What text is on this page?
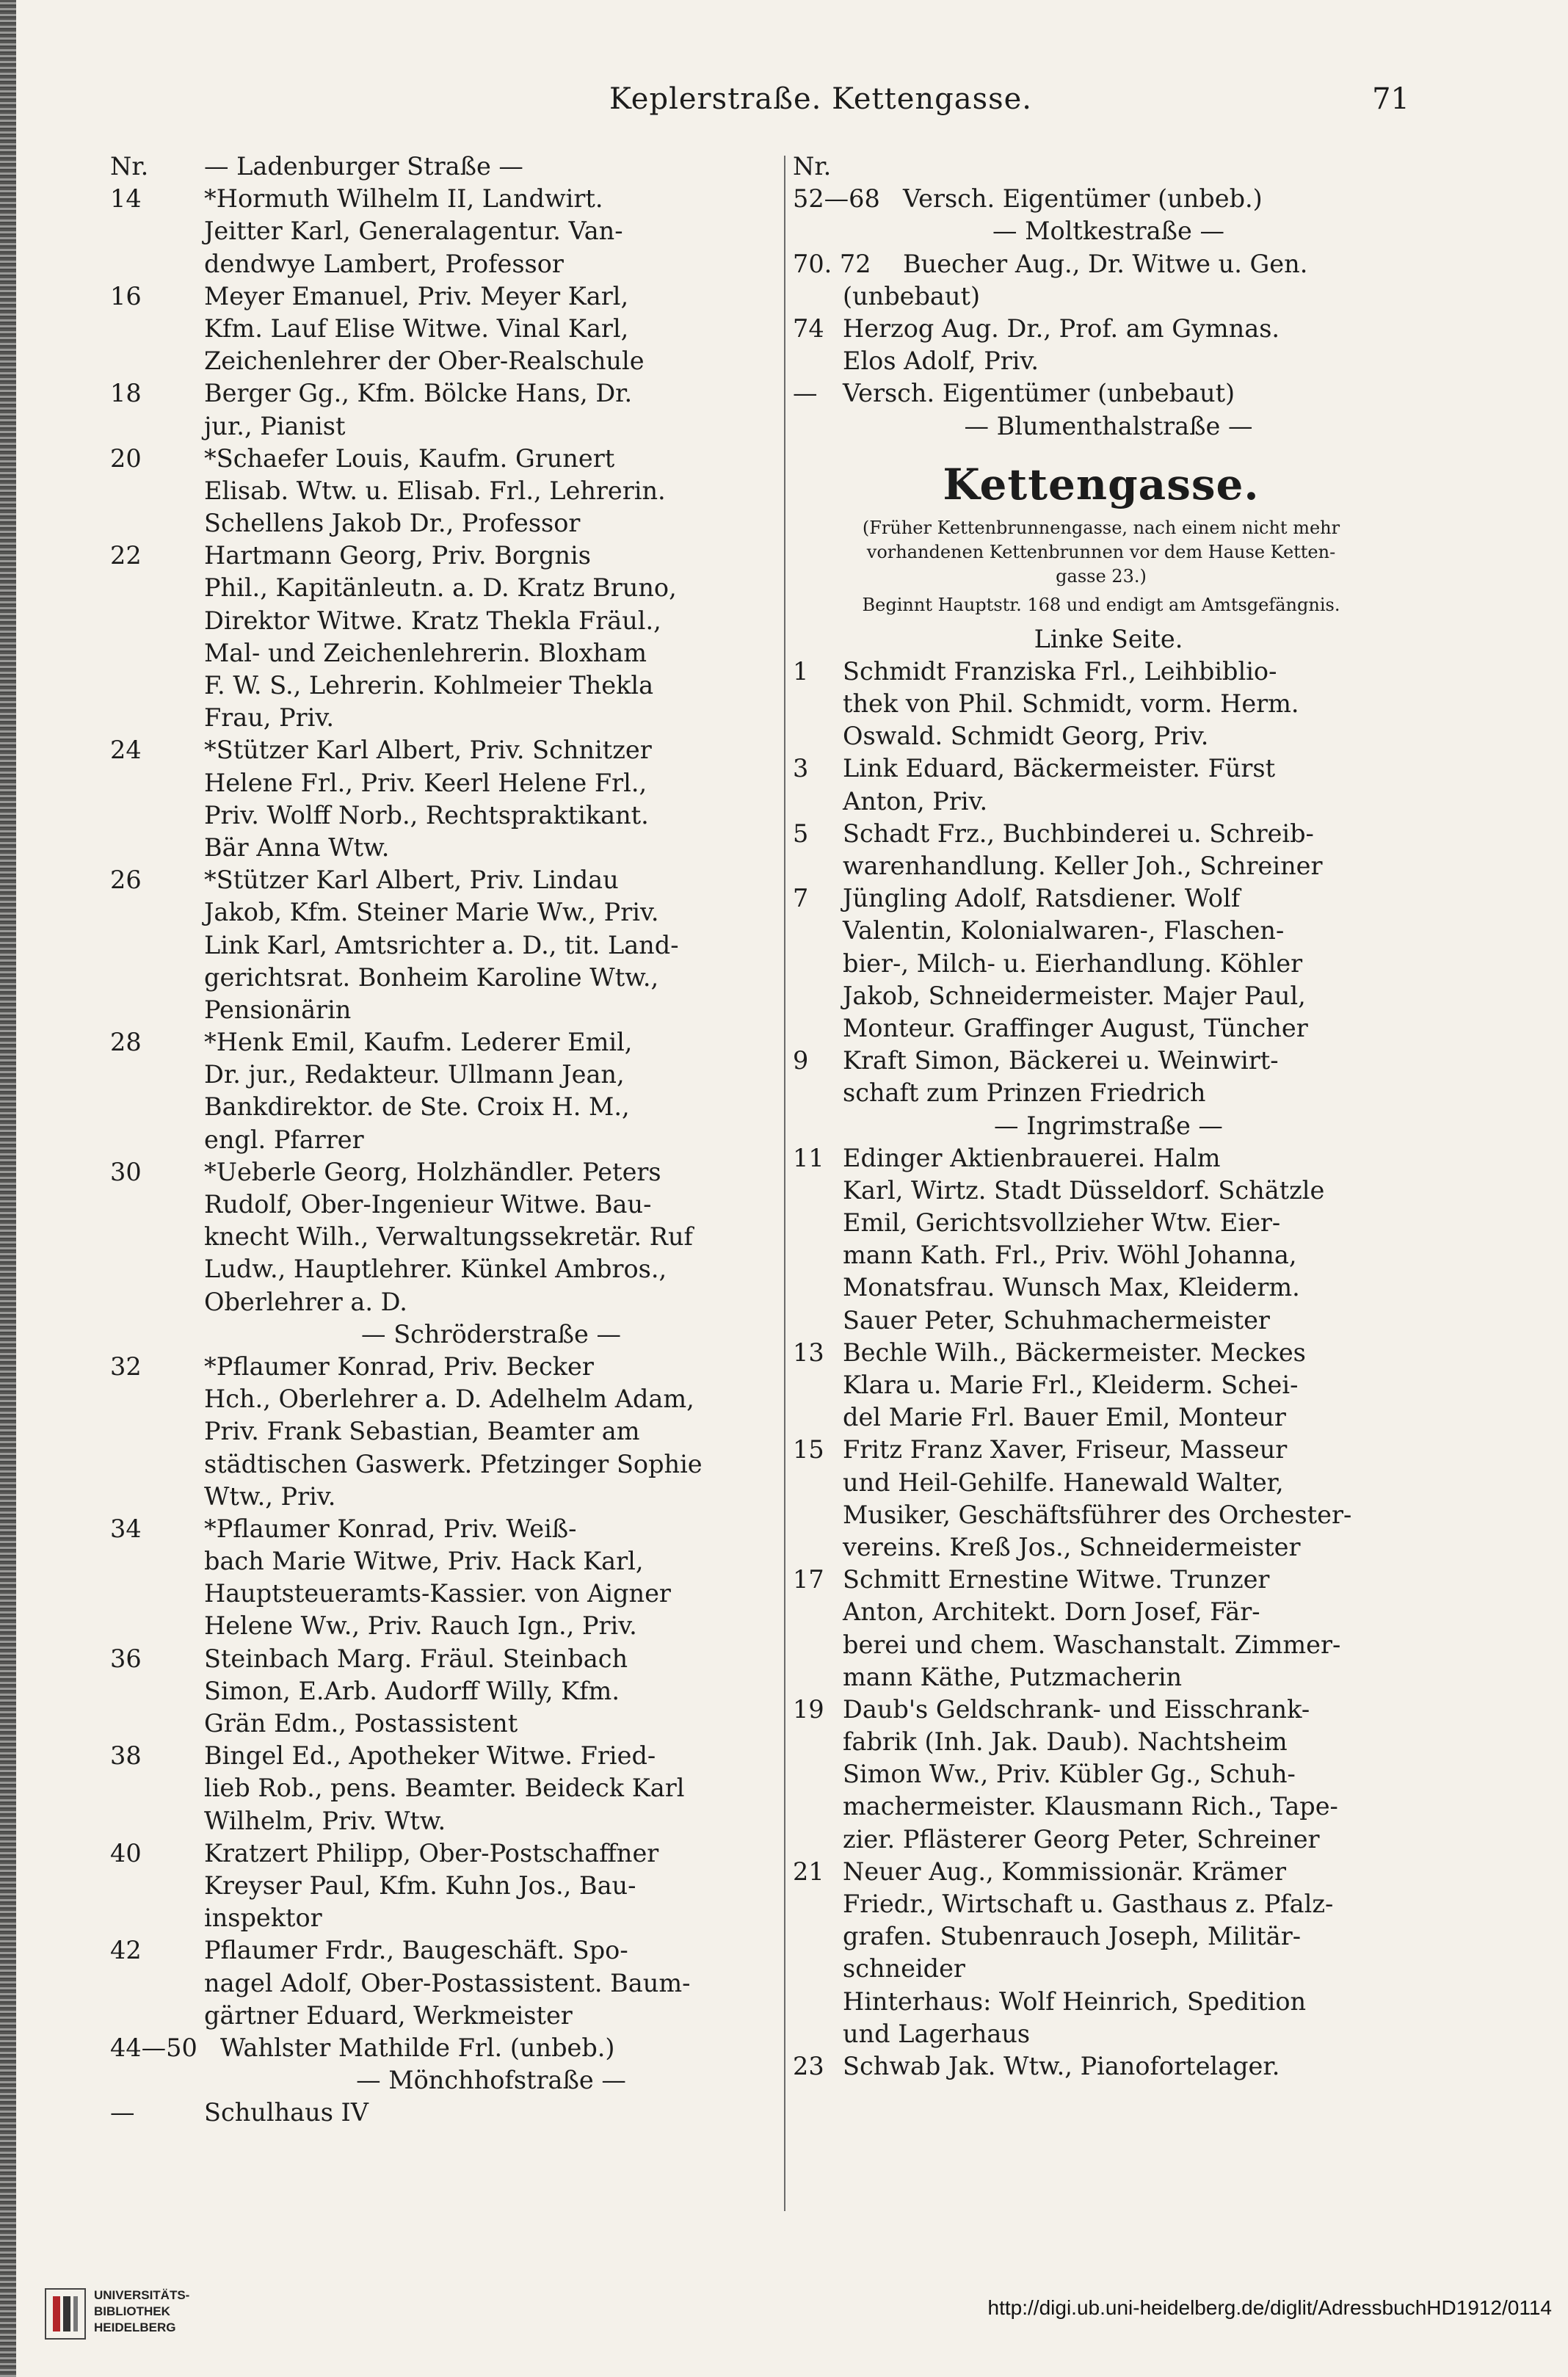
Keplerstraße. Kettengasse.	71
Nr. — Ladenburger Straße —
14	*Hormuth Wilhelm II, Landwirt.
Jeitter Karl, Generalagentur. Van-
dendwye Lambert, Professor
16	Meyer Emanuel, Priv. Meyer Karl,
Kfm. Lauf Elise Witwe. Vinal Karl,
Zeichenlehrer der Ober-Realschule
18	Berger Gg., Kfm. Bölcke Hans, Dr.
jur., Pianist
20	*Schaefer Louis, Kaufm. Grunert
Elisab. Wtw. u. Elisab. Frl., Lehrerin.
Schellens Jakob Dr., Professor
22	Hartmann Georg, Priv. Borgnis
Phil., Kapitänleutn. a. D. Kratz Bruno,
Direktor Witwe. Kratz Thekla Fräul.,
Mal- und Zeichenlehrerin. Bloxham
F. W. S., Lehrerin. Kohlmeier Thekla
Frau, Priv.
24	*Stützer Karl Albert, Priv. Schnitzer
Helene Frl., Priv. Keerl Helene Frl.,
Priv. Wolff Norb., Rechtspraktikant.
Bär Anna Wtw.
26	*Stützer Karl Albert, Priv. Lindau
Jakob, Kfm. Steiner Marie Ww., Priv.
Link Karl, Amtsrichter a. D., tit. Land-
gerichtsrat. Bonheim Karoline Wtw.,
Pensionärin
28	*Henk Emil, Kaufm. Lederer Emil,
Dr. jur., Redakteur. Ullmann Jean,
Bankdirektor. de Ste. Croix H. M.,
engl. Pfarrer
30	*Ueberle Georg, Holzhändler. Peters
Rudolf, Ober-Ingenieur Witwe. Bau-
knecht Wilh., Verwaltungssekretär. Ruf
Ludw., Hauptlehrer. Künkel Ambros.,
Oberlehrer a. D.
— Schröderstraße —
32	*Pflaumer Konrad, Priv. Becker
Hch., Oberlehrer a. D. Adelhelm Adam,
Priv. Frank Sebastian, Beamter am
städtischen Gaswerk. Pfetzinger Sophie
Wtw., Priv.
34	*Pflaumer Konrad, Priv. Weiß-
bach Marie Witwe, Priv. Hack Karl,
Hauptsteueramts-Kassier. von Aigner
Helene Ww., Priv. Rauch Ign., Priv.
36	Steinbach Marg. Fräul. Steinbach
Simon, E.Arb. Audorff Willy, Kfm.
Grän Edm., Postassistent
38	Bingel Ed., Apotheker Witwe. Fried-
lieb Rob., pens. Beamter. Beideck Karl
Wilhelm, Priv. Wtw.
40	Kratzert Philipp, Ober-Postschaffner
Kreyser Paul, Kfm. Kuhn Jos., Bau-
inspektor
42	Pflaumer Frdr., Baugeschäft. Spo-
nagel Adolf, Ober-Postassistent. Baum-
gärtner Eduard, Werkmeister
44—50 Wahlster Mathilde Frl. (unbeb.)
— Mönchhofstraße —
—	Schulhaus IV
Nr.
52—68 Versch. Eigentümer (unbeb.)
— Moltkestraße —
70. 72 Buecher Aug., Dr. Witwe u. Gen.
(unbebaut)
74 Herzog Aug. Dr., Prof. am Gymnas.
Elos Adolf, Priv.
— Versch. Eigentümer (unbebaut)
— Blumenthalstraße —
Kettengasse.
(Früher Kettenbrunnengasse, nach einem nicht mehr
vorhandenen Kettenbrunnen vor dem Hause Ketten-
gasse 23.)
Beginnt Hauptstr. 168 und endigt am Amtsgefängnis.
Linke Seite.
1 Schmidt Franziska Frl., Leihbiblio-
thek von Phil. Schmidt, vorm. Herm.
Oswald. Schmidt Georg, Priv.
3 Link Eduard, Bäckermeister. Fürst
Anton, Priv.
5 Schadt Frz., Buchbinderei u. Schreib-
warenhandlung. Keller Joh., Schreiner
7 Jüngling Adolf, Ratsdiener. Wolf
Valentin, Kolonialwaren-, Flaschen-
bier-, Milch- u. Eierhandlung. Köhler
Jakob, Schneidermeister. Majer Paul,
Monteur. Graffinger August, Tüncher
9 Kraft Simon, Bäckerei u. Weinwirt-
schaft zum Prinzen Friedrich
— Ingrimstraße —
11 Edinger Aktienbrauerei. Halm
Karl, Wirtz. Stadt Düsseldorf. Schätzle
Emil, Gerichtsvollzieher Wtw. Eier-
mann Kath. Frl., Priv. Wöhl Johanna,
Monatsfrau. Wunsch Max, Kleiderm.
Sauer Peter, Schuhmachermeister
13 Bechle Wilh., Bäckermeister. Meckes
Klara u. Marie Frl., Kleiderm. Schei-
del Marie Frl. Bauer Emil, Monteur
15 Fritz Franz Xaver, Friseur, Masseur
und Heil-Gehilfe. Hanewald Walter,
Musiker, Geschäftsführer des Orchester-
vereins. Kreß Jos., Schneidermeister
17 Schmitt Ernestine Witwe. Trunzer
Anton, Architekt. Dorn Josef, Fär-
berei und chem. Waschanstalt. Zimmer-
mann Käthe, Putzmacherin
19 Daub's Geldschrank- und Eisschrank-
fabrik (Inh. Jak. Daub). Nachtsheim
Simon Ww., Priv. Kübler Gg., Schuh-
machermeister. Klausmann Rich., Tape-
zier. Pflästerer Georg Peter, Schreiner
21 Neuer Aug., Kommissionär. Krämer
Friedr., Wirtschaft u. Gasthaus z. Pfalz-
grafen. Stubenrauch Joseph, Militär-
schneider
Hinterhaus: Wolf Heinrich, Spedition
und Lagerhaus
23 Schwab Jak. Wtw., Pianofortelager.
UNIVERSITÄTS-
BIBLIOTHEK
HEIDELBERG
http://digi.ub.uni-heidelberg.de/diglit/AdressbuchHD1912/0114
